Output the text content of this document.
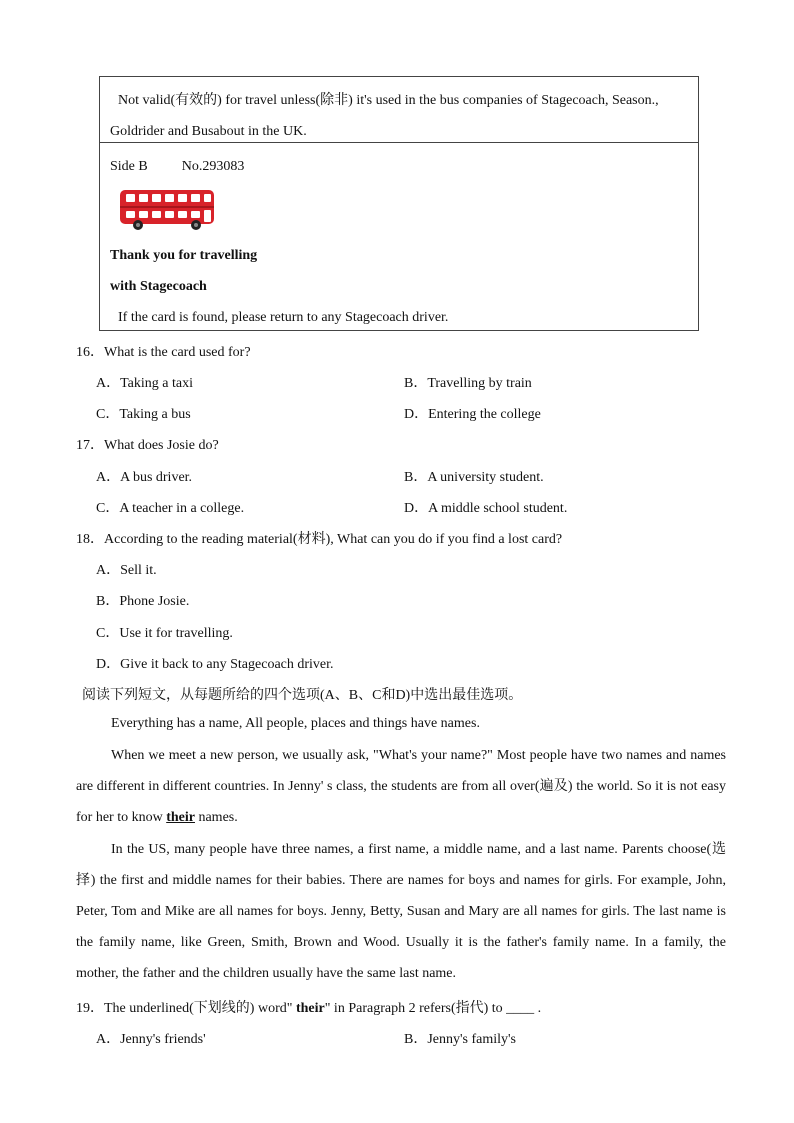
Not valid(有效的) for travel unless(除非) it's used in the bus companies of Stagecoach, Season.,
Goldrider and Busabout in the UK.
Side B No.293083
Thank you for travelling
with Stagecoach
If the card is found, please return to any Stagecoach driver.
16．What is the card used for?
A．Taking a taxi	B．Travelling by train
C．Taking a bus	D．Entering the college
17．What does Josie do?
A．A bus driver.	B．A university student.
C．A teacher in a college.	D．A middle school student.
18．According to the reading material(材料), What can you do if you find a lost card?
A．Sell it.
B．Phone Josie.
C．Use it for travelling.
D．Give it back to any Stagecoach driver.
阅读下列短文，从每题所给的四个选项(A、B、C和D)中选出最佳选项。
Everything has a name, All people, places and things have names.
When we meet a new person, we usually ask, "What's your name?" Most people have two names and names are different in different countries. In Jenny' s class, the students are from all over(遍及) the world. So it is not easy for her to know their names.
In the US, many people have three names, a first name, a middle name, and a last name. Parents choose(选择) the first and middle names for their babies. There are names for boys and names for girls. For example, John, Peter, Tom and Mike are all names for boys. Jenny, Betty, Susan and Mary are all names for girls. The last name is the family name, like Green, Smith, Brown and Wood. Usually it is the father's family name. In a family, the mother, the father and the children usually have the same last name.
19．The underlined(下划线的) word" their" in Paragraph 2 refers(指代) to ____ .
A．Jenny's friends'	B．Jenny's family's
